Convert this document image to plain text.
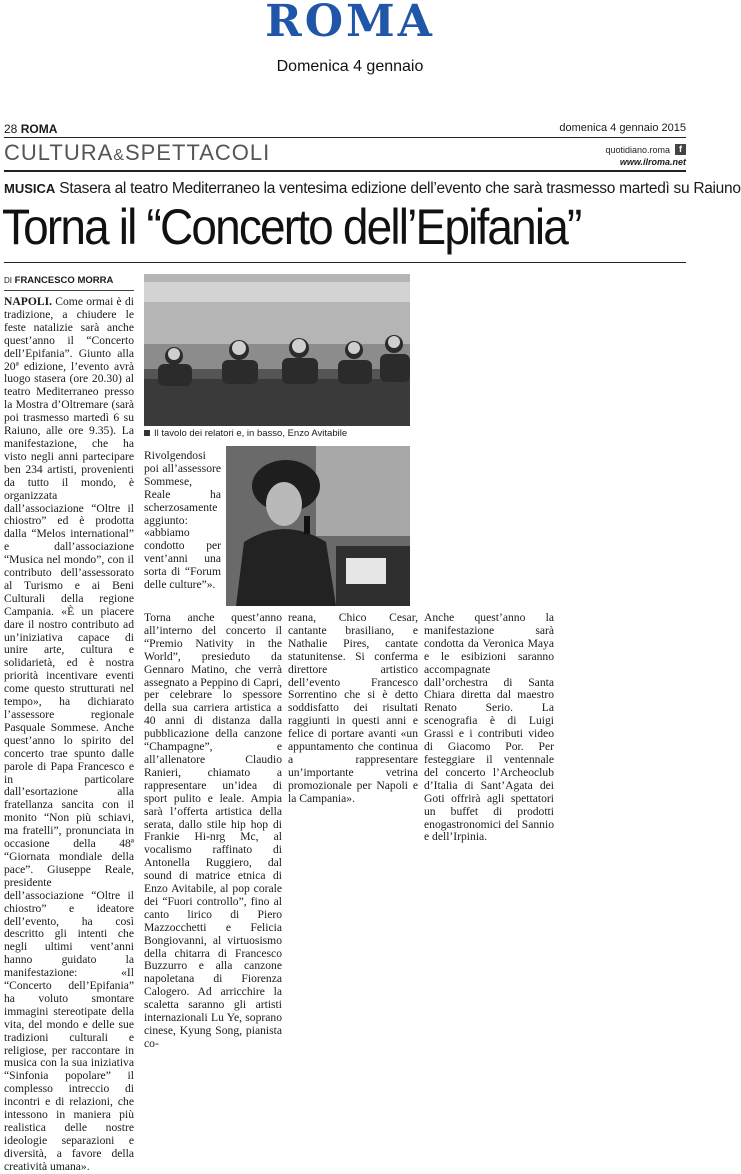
ROMA
Domenica 4 gennaio
28 ROMA	domenica 4 gennaio 2015
CULTURA&SPETTACOLI	quotidiano.roma	f
www.ilroma.net
MUSICA Stasera al teatro Mediterraneo la ventesima edizione dell’evento che sarà trasmesso martedì su Raiuno
Torna il “Concerto dell’Epifania”
DI FRANCESCO MORRA

NAPOLI. Come ormai è di tradizione, a chiudere le feste natalizie sarà anche quest’anno il “Concerto dell’Epifania”. Giunto alla 20ª edizione, l’evento avrà luogo stasera (ore 20.30) al teatro Mediterraneo presso la Mostra d’Oltremare (sarà poi trasmesso martedì 6 su Raiuno, alle ore 9.35). La manifestazione, che ha visto negli anni partecipare ben 234 artisti, provenienti da tutto il mondo, è organizzata dall’associazione “Oltre il chiostro” ed è prodotta dalla “Melos international” e dall’associazione “Musica nel mondo”, con il contributo dell’assessorato al Turismo e ai Beni Culturali della regione Campania. «È un piacere dare il nostro contributo ad un’iniziativa capace di unire arte, cultura e solidarietà, ed è nostra priorità incentivare eventi come questo strutturati nel tempo», ha dichiarato l’assessore regionale Pasquale Sommese. Anche quest’anno lo spirito del concerto trae spunto dalle parole di Papa Francesco e in particolare dall’esortazione alla fratellanza sancita con il monito “Non più schiavi, ma fratelli”, pronunciata in occasione della 48ª “Giornata mondiale della pace”. Giuseppe Reale, presidente dell’associazione “Oltre il chiostro” e ideatore dell’evento, ha così descritto gli intenti che negli ultimi vent’anni hanno guidato la manifestazione: «Il “Concerto dell’Epifania” ha voluto smontare immagini stereotipate della vita, del mondo e delle sue tradizioni culturali e religiose, per raccontare in musica con la sua iniziativa “Sinfonia popolare” il complesso intreccio di incontri e di relazioni, che intessono in maniera più realistica delle nostre ideologie separazioni e diversità, a favore della creatività umana».

Il tavolo dei relatori e, in basso, Enzo Avitabile

Rivolgendosi poi all’assessore Sommese, Reale ha scherzosamente aggiunto: «abbiamo condotto per vent’anni una sorta di “Forum delle culture”».

Torna anche quest’anno all’interno del concerto il “Premio Nativity in the World”, presieduto da Gennaro Matino, che verrà assegnato a Peppino di Capri, per celebrare lo spessore della sua carriera artistica a 40 anni di distanza dalla pubblicazione della canzone “Champagne”, e all’allenatore Claudio Ranieri, chiamato a rappresentare un’idea di sport pulito e leale. Ampia sarà l’offerta artistica della serata, dallo stile hip hop di Frankie Hi-nrg Mc, al vocalismo raffinato di Antonella Ruggiero, dal sound di matrice etnica di Enzo Avitabile, al pop corale dei “Fuori controllo”, fino al canto lirico di Piero Mazzocchetti e Felicia Bongiovanni, al virtuosismo della chitarra di Francesco Buzzurro e alla canzone napoletana di Fiorenza Calogero. Ad arricchire la scaletta saranno gli artisti internazionali Lu Ye, soprano cinese, Kyung Song, pianista co-

reana, Chico Cesar, cantante brasiliano, e Nathalie Pires, cantate statunitense. Si conferma direttore artistico dell’evento Francesco Sorrentino che si è detto soddisfatto dei risultati raggiunti in questi anni e felice di portare avanti «un appuntamento che continua a rappresentare un’importante vetrina promozionale per Napoli e la Campania».

Anche quest’anno la manifestazione sarà condotta da Veronica Maya e le esibizioni saranno accompagnate dall’orchestra di Santa Chiara diretta dal maestro Renato Serio. La scenografia è di Luigi Grassi e i contributi video di Giacomo Por. Per festeggiare il ventennale del concerto l’Archeoclub d’Italia di Sant’Agata dei Goti offrirà agli spettatori un buffet di prodotti enogastronomici del Sannio e dell’Irpinia.
